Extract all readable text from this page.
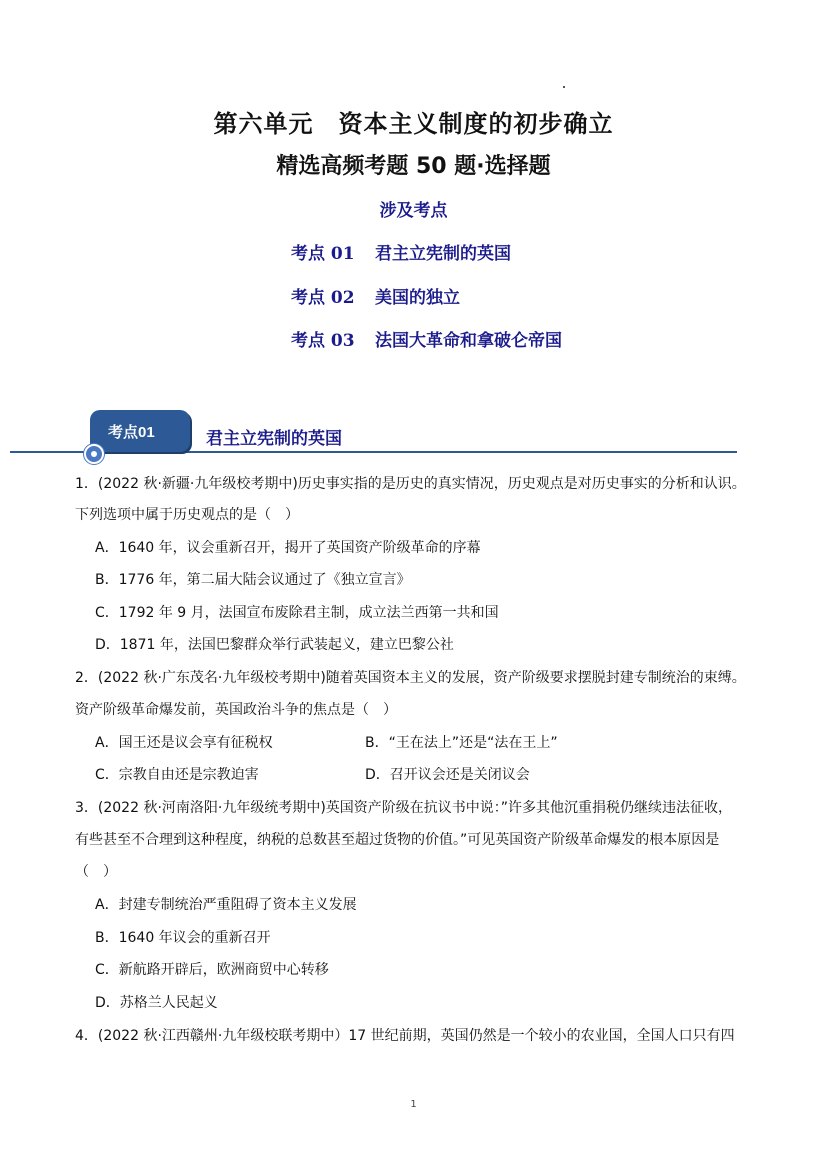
第六单元　资本主义制度的初步确立
精选高频考题 50 题·选择题
涉及考点
考点 01 君主立宪制的英国
考点 02 美国的独立
考点 03 法国大革命和拿破仑帝国
考点01	君主立宪制的英国
1．(2022 秋·新疆·九年级校考期中)历史事实指的是历史的真实情况，历史观点是对历史事实的分析和认识。
下列选项中属于历史观点的是（　）
A．1640 年，议会重新召开，揭开了英国资产阶级革命的序幕
B．1776 年，第二届大陆会议通过了《独立宣言》
C．1792 年 9 月，法国宣布废除君主制，成立法兰西第一共和国
D．1871 年，法国巴黎群众举行武装起义，建立巴黎公社
2．(2022 秋·广东茂名·九年级校考期中)随着英国资本主义的发展，资产阶级要求摆脱封建专制统治的束缚。
资产阶级革命爆发前，英国政治斗争的焦点是（　）
A．国王还是议会享有征税权	B．“王在法上”还是“法在王上”
C．宗教自由还是宗教迫害	D．召开议会还是关闭议会
3．(2022 秋·河南洛阳·九年级统考期中)英国资产阶级在抗议书中说：”许多其他沉重捐税仍继续违法征收，
有些甚至不合理到这种程度，纳税的总数甚至超过货物的价值。”可见英国资产阶级革命爆发的根本原因是
（　）
A．封建专制统治严重阻碍了资本主义发展
B．1640 年议会的重新召开
C．新航路开辟后，欧洲商贸中心转移
D．苏格兰人民起义
4．(2022 秋·江西赣州·九年级校联考期中）17 世纪前期，英国仍然是一个较小的农业国，全国人口只有四
1
